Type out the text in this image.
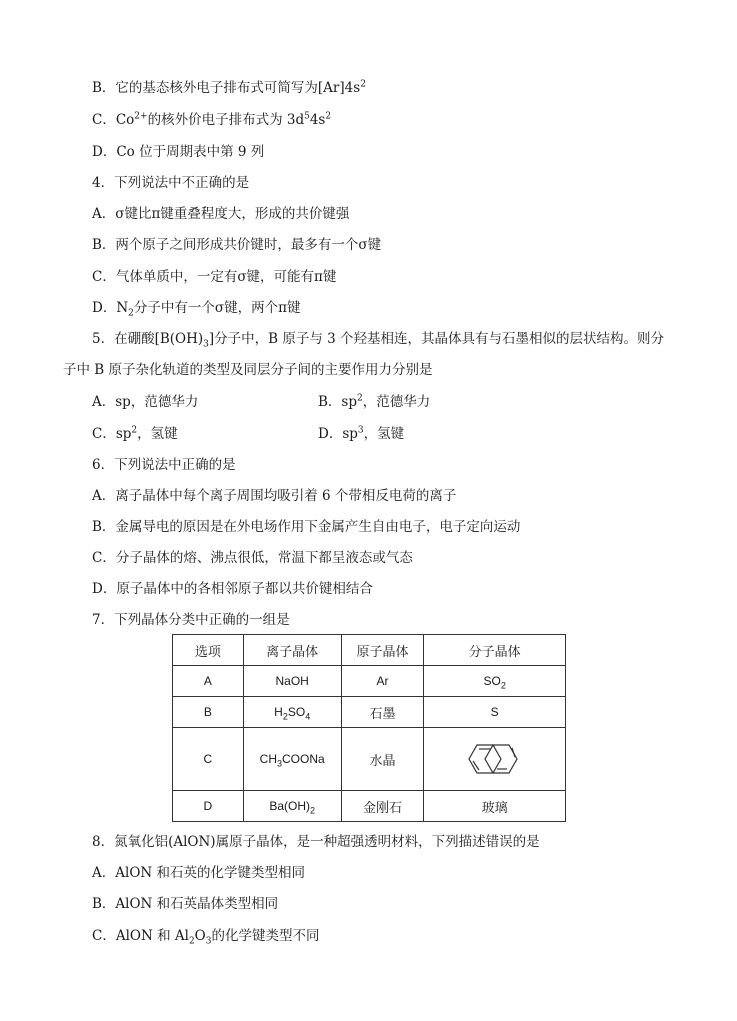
B．它的基态核外电子排布式可简写为$[Ar]4s^2$
C．$Co^{2+}$的核外价电子排布式为 $3d^54s^2$
D．Co 位于周期表中第 9 列
4．下列说法中不正确的是
A．σ键比π键重叠程度大，形成的共价键强
B．两个原子之间形成共价键时，最多有一个σ键
C．气体单质中，一定有σ键，可能有π键
D．$N_2$分子中有一个σ键，两个π键
5．在硼酸$[B(OH)_3]$分子中，B 原子与 3 个羟基相连，其晶体具有与石墨相似的层状结构。则分
子中 B 原子杂化轨道的类型及同层分子间的主要作用力分别是
A．sp，范德华力	B．$sp^2$，范德华力
C．$sp^2$，氢键	D．$sp^3$，氢键
6．下列说法中正确的是
A．离子晶体中每个离子周围均吸引着 6 个带相反电荷的离子
B．金属导电的原因是在外电场作用下金属产生自由电子，电子定向运动
C．分子晶体的熔、沸点很低，常温下都呈液态或气态
D．原子晶体中的各相邻原子都以共价键相结合
7．下列晶体分类中正确的一组是
选项	离子晶体	原子晶体	分子晶体
A	NaOH	Ar	$SO_2$
B	$H_2SO_4$	石墨	S
C	$CH_3COONa$	水晶	

D	$Ba(OH)_2$	金刚石	玻璃
8．氮氧化铝(AlON)属原子晶体，是一种超强透明材料，下列描述错误的是
A．AlON 和石英的化学键类型相同
B．AlON 和石英晶体类型相同
C．AlON 和 $Al_2O_3$的化学键类型不同
